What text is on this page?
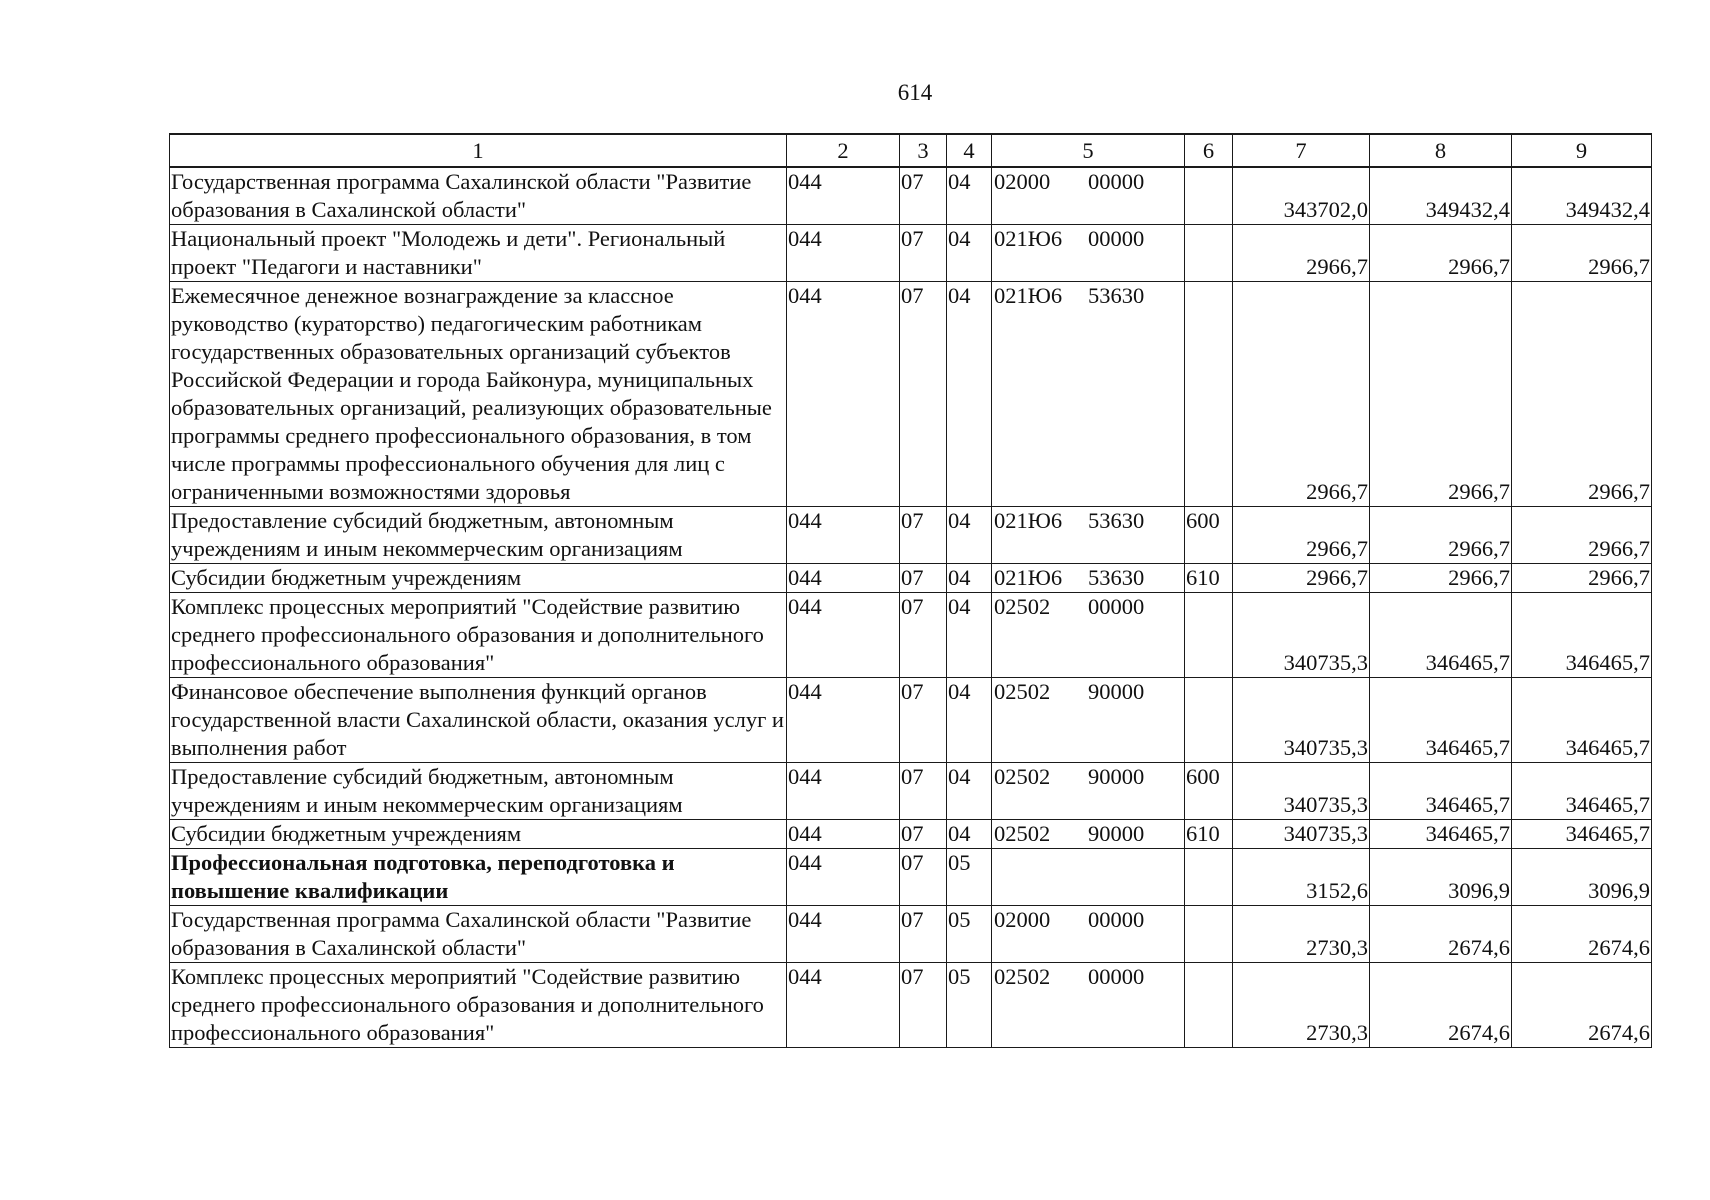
614
1	2	3	4	5	6	7	8	9
Государственная программа Сахалинской области "Развитие образования в Сахалинской области"	044	07	04	02000 00000		343702,0	349432,4	349432,4
Национальный проект "Молодежь и дети". Региональный проект "Педагоги и наставники"	044	07	04	021Ю6 00000		2966,7	2966,7	2966,7
Ежемесячное денежное вознаграждение за классное руководство (кураторство) педагогическим работникам государственных образовательных организаций субъектов Российской Федерации и города Байконура, муниципальных образовательных организаций, реализующих образовательные программы среднего профессионального образования, в том числе программы профессионального обучения для лиц с ограниченными возможностями здоровья	044	07	04	021Ю6 53630		2966,7	2966,7	2966,7
Предоставление субсидий бюджетным, автономным учреждениям и иным некоммерческим организациям	044	07	04	021Ю6 53630	600	2966,7	2966,7	2966,7
Субсидии бюджетным учреждениям	044	07	04	021Ю6 53630	610	2966,7	2966,7	2966,7
Комплекс процессных мероприятий "Содействие развитию среднего профессионального образования и дополнительного профессионального образования"	044	07	04	02502 00000		340735,3	346465,7	346465,7
Финансовое обеспечение выполнения функций органов государственной власти Сахалинской области, оказания услуг и выполнения работ	044	07	04	02502 90000		340735,3	346465,7	346465,7
Предоставление субсидий бюджетным, автономным учреждениям и иным некоммерческим организациям	044	07	04	02502 90000	600	340735,3	346465,7	346465,7
Субсидии бюджетным учреждениям	044	07	04	02502 90000	610	340735,3	346465,7	346465,7
Профессиональная подготовка, переподготовка и повышение квалификации	044	07	05			3152,6	3096,9	3096,9
Государственная программа Сахалинской области "Развитие образования в Сахалинской области"	044	07	05	02000 00000		2730,3	2674,6	2674,6
Комплекс процессных мероприятий "Содействие развитию среднего профессионального образования и дополнительного профессионального образования"	044	07	05	02502 00000		2730,3	2674,6	2674,6
